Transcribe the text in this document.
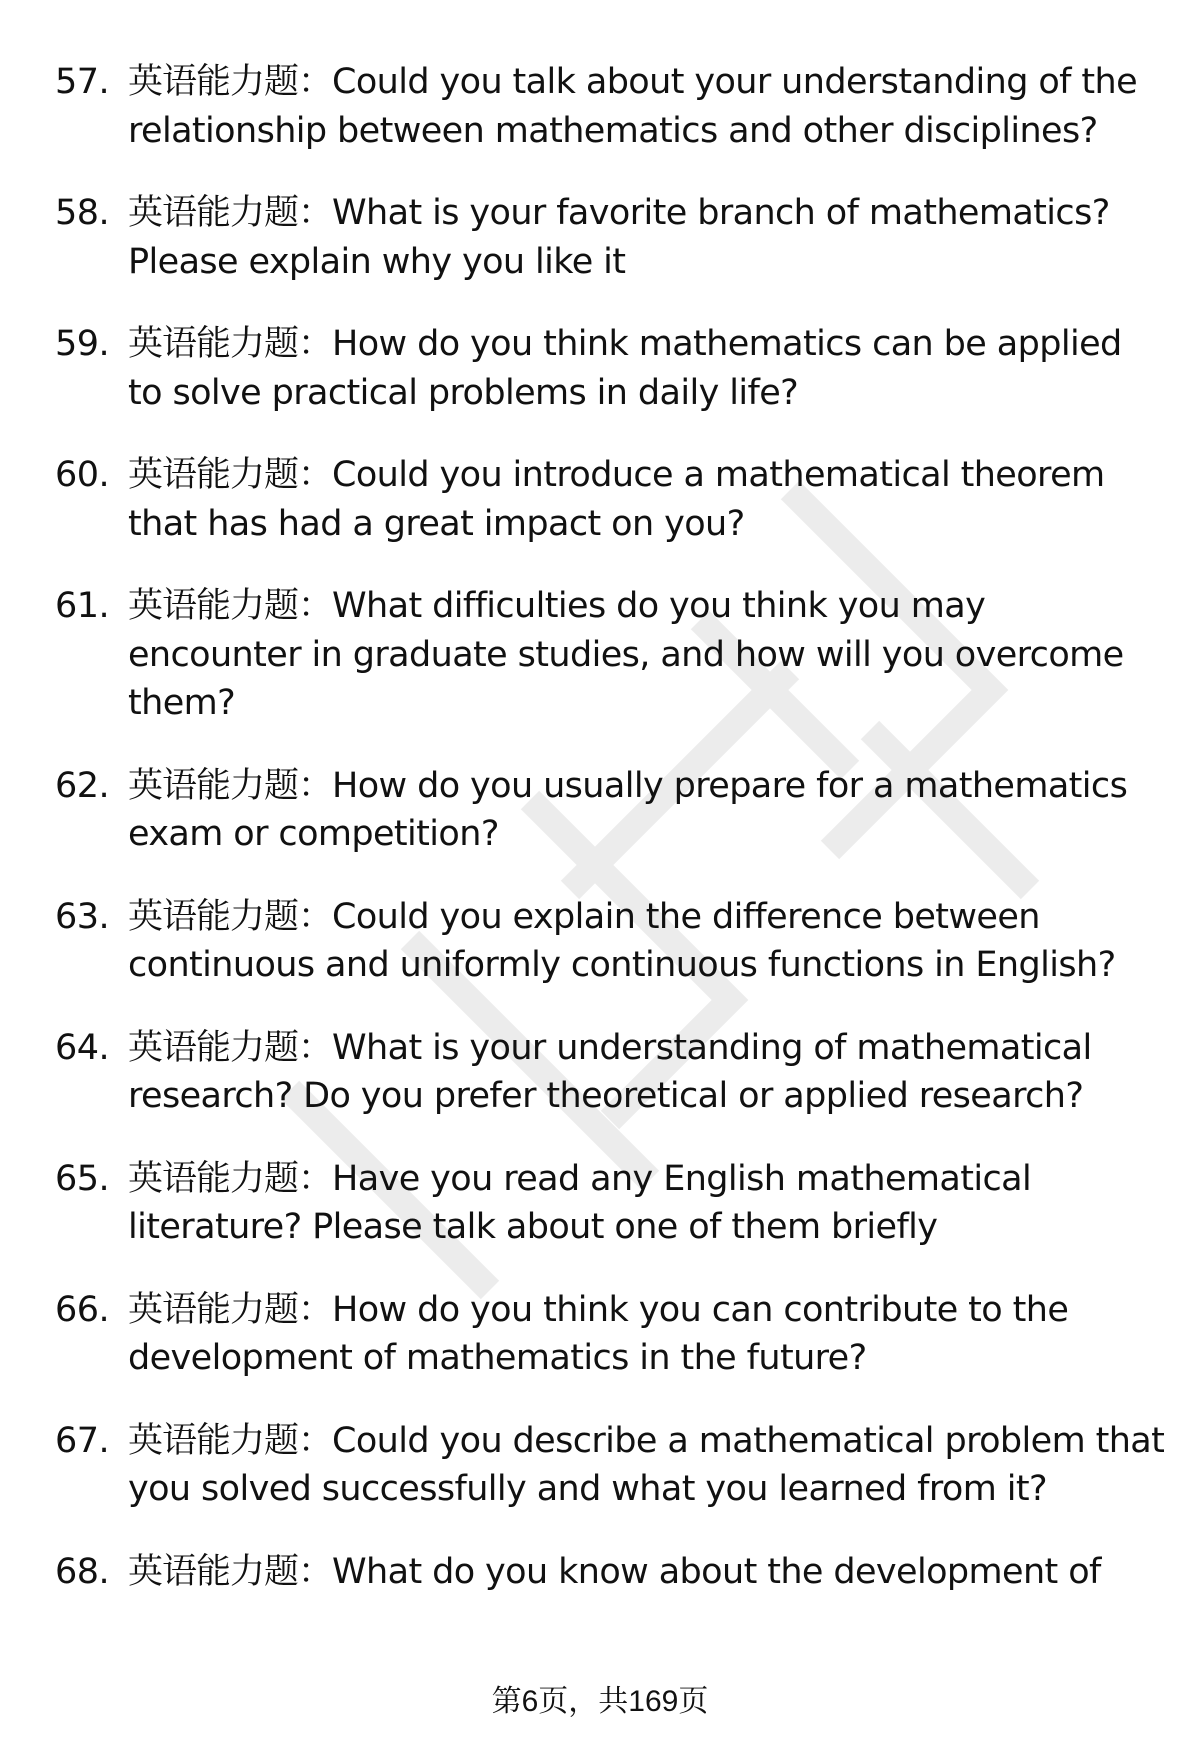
57. 英语能力题：Could you talk about your understanding of the relationship between mathematics and other disciplines?
58. 英语能力题：What is your favorite branch of mathematics? Please explain why you like it
59. 英语能力题：How do you think mathematics can be applied to solve practical problems in daily life?
60. 英语能力题：Could you introduce a mathematical theorem that has had a great impact on you?
61. 英语能力题：What difficulties do you think you may encounter in graduate studies, and how will you overcome them?
62. 英语能力题：How do you usually prepare for a mathematics exam or competition?
63. 英语能力题：Could you explain the difference between continuous and uniformly continuous functions in English?
64. 英语能力题：What is your understanding of mathematical research? Do you prefer theoretical or applied research?
65. 英语能力题：Have you read any English mathematical literature? Please talk about one of them briefly
66. 英语能力题：How do you think you can contribute to the development of mathematics in the future?
67. 英语能力题：Could you describe a mathematical problem that you solved successfully and what you learned from it?
68. 英语能力题：What do you know about the development of
第6页，共169页
